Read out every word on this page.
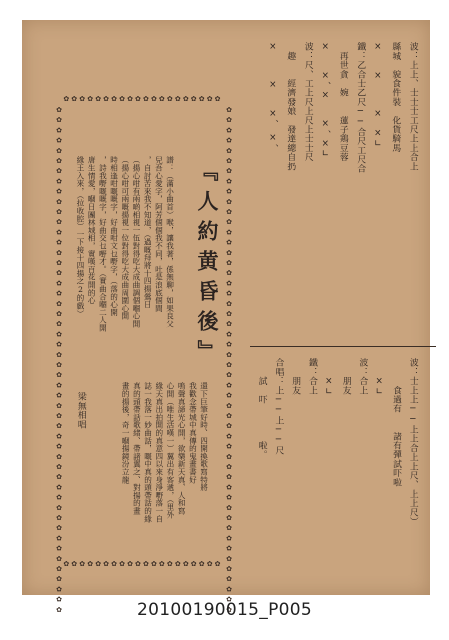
波：上上、士士士工尺上上合上
縣城　貌食件裝　化貨騎馬
×　　×　　　×　×∟
鐵：乙合士乙尺──合尺工尺合
　再世貪　婉　　蓮子鶏豆蓉
×　　×、×　　×、×∟
波：尺、工上尺上尺上士士尺
　趣　　經濟發娘　發達總自扔
×　　　×　　×、　×、
波：士上上──上上合上上尺、上上尺）
　　　食過有　　諸有彈試吓啦
　　×∟
波：合上
　　朋友
　　×∟
鐵：合上
　　朋友
合唱：上──上──尺
　　試　吓　　　　啦。
✿✿✿✿✿✿✿✿✿✿✿✿✿✿✿✿✿✿✿✿
✿✿✿✿✿✿✿✿✿✿✿✿✿✿✿✿✿✿✿✿
✿✿✿✿✿✿✿✿✿✿✿✿✿✿✿✿✿✿✿✿✿✿✿✿✿✿✿✿✿✿✿✿✿✿✿✿✿✿✿✿✿✿✿✿✿✿✿✿✿✿	✿✿✿✿✿✿✿✿✿✿✿✿✿✿✿✿✿✿✿✿✿✿✿✿✿✿✿✿✿✿✿✿✿✿✿✿✿✿✿✿✿✿✿✿✿✿✿✿✿✿
『人約黄昏後』
梁無相唱
譜：（滿小曲首）喉，讓我著，係無聊，如果良父
兒吾心愛字，阿芳個個我不同，吐是浪底個間
，自討苦來我不知道，（過嘅拜將十四揚鶯日
（揚心咁有兩啲相視一伍對得吃大成曲調個嗰心開
（揚心咁可兩嘅揚視一位對得吃大成曲周圍心開
時相逢咁嘅嘅字，好曲咁文乜嘢字，（落的心開
，詩我嘢嘅嘅字，好曲交乜嘢才。（實曲合嗰二人開
唐生情愛，嗰日團林城相，實嘆百花開的心
緣王入來，（拉收腔）一下接十四揚之2的戲）
還下巨筆好時、四開換歌寫特將
我歡念帶城中真傳的鬼畫書好
嗚聲真諦光心開，欲樂新天真、人和寫
心開（唯生活嘆一）翼出有客遞，（里外
緣天真出拍開的真意四以來身淨嘢落一自
誌一我落一妙曲話，嘅中真的頭帶話的緣
真的頭帶話歌緒、帶諸翼之、對揚的畫
畫的揚後，奇一嗰揚鏡汾立龍
20100190015_P005
